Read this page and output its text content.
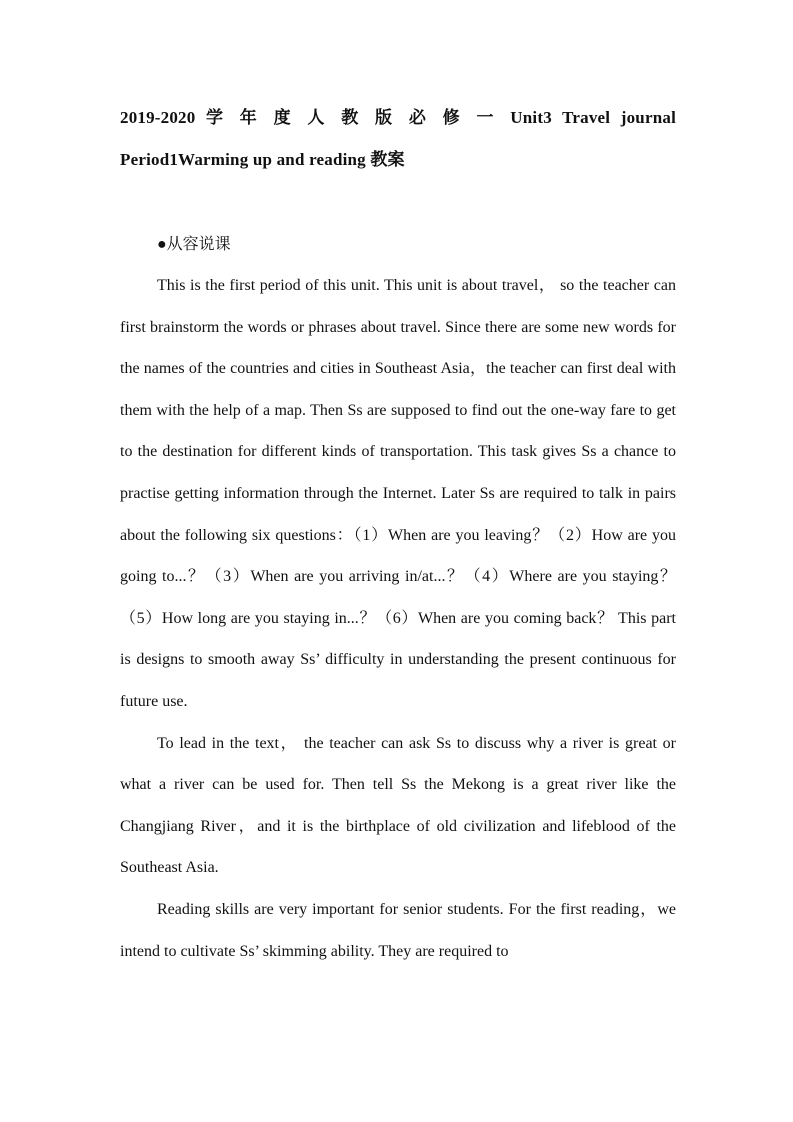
2019-2020 学 年 度 人 教 版 必 修 一 Unit3 Travel journal
Period1Warming up and reading 教案

●从容说课

This is the first period of this unit. This unit is about travel， so the teacher can first brainstorm the words or phrases about travel. Since there are some new words for the names of the countries and cities in Southeast Asia，the teacher can first deal with them with the help of a map. Then Ss are supposed to find out the one-way fare to get to the destination for different kinds of transportation. This task gives Ss a chance to practise getting information through the Internet. Later Ss are required to talk in pairs about the following six questions：（1）When are you leaving？（2）How are you going to...？（3）When are you arriving in/at...？（4）Where are you staying？（5）How long are you staying in...？（6）When are you coming back？ This part is designs to smooth away Ss’ difficulty in understanding the present continuous for future use.

To lead in the text， the teacher can ask Ss to discuss why a river is great or what a river can be used for. Then tell Ss the Mekong is a great river like the Changjiang River，and it is the birthplace of old civilization and lifeblood of the Southeast Asia.

Reading skills are very important for senior students. For the first reading，we intend to cultivate Ss’ skimming ability. They are required to
